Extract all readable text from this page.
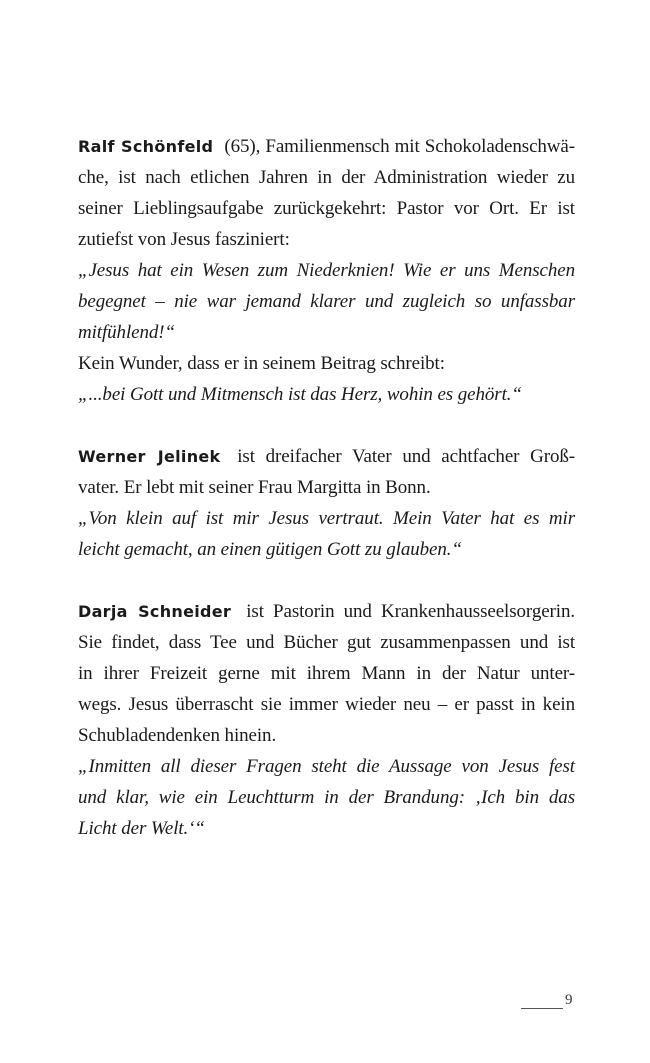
Ralf Schönfeld (65), Familienmensch mit Schokoladenschwä-
che, ist nach etlichen Jahren in der Administration wieder zu
seiner Lieblingsaufgabe zurückgekehrt: Pastor vor Ort. Er ist
zutiefst von Jesus fasziniert:
„Jesus hat ein Wesen zum Niederknien! Wie er uns Menschen
begegnet – nie war jemand klarer und zugleich so unfassbar
mitfühlend!“
Kein Wunder, dass er in seinem Beitrag schreibt:
„...bei Gott und Mitmensch ist das Herz, wohin es gehört.“
Werner Jelinek ist dreifacher Vater und achtfacher Groß-
vater. Er lebt mit seiner Frau Margitta in Bonn.
„Von klein auf ist mir Jesus vertraut. Mein Vater hat es mir
leicht gemacht, an einen gütigen Gott zu glauben.“
Darja Schneider ist Pastorin und Krankenhausseelsorgerin.
Sie findet, dass Tee und Bücher gut zusammenpassen und ist
in ihrer Freizeit gerne mit ihrem Mann in der Natur unter-
wegs. Jesus überrascht sie immer wieder neu – er passt in kein
Schubladendenken hinein.
„Inmitten all dieser Fragen steht die Aussage von Jesus fest
und klar, wie ein Leuchtturm in der Brandung: ‚Ich bin das
Licht der Welt.‘“
9
